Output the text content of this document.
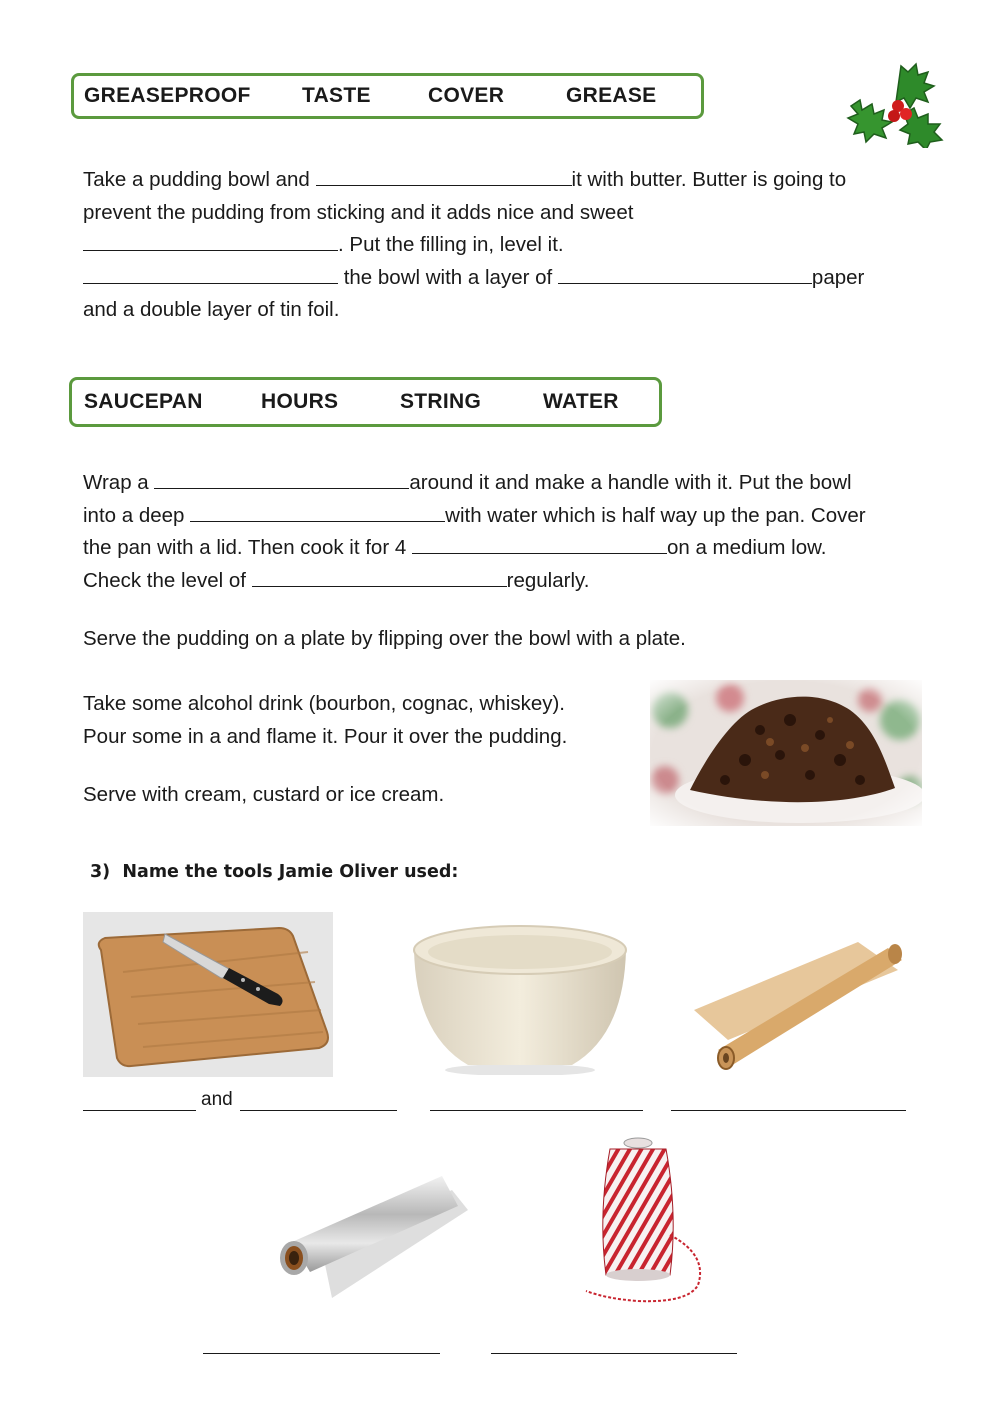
GREASEPROOF TASTE	COVER	GREASE
Take a pudding bowl and	it with butter. Butter is going to
prevent the pudding from sticking and it adds nice and sweet
. Put the filling in, level it.
the bowl with a layer of	paper
and a double layer of tin foil.
SAUCEPAN	HOURS	STRING	WATER
Wrap a	around it and make a handle with it. Put the bowl
into a deep	with water which is half way up the pan. Cover
the pan with a lid. Then cook it for 4	on a medium low.
Check the level of	regularly.
Serve the pudding on a plate by flipping over the bowl with a plate.
Take some alcohol drink (bourbon, cognac, whiskey).
Pour some in a and flame it. Pour it over the pudding.
Serve with cream, custard or ice cream.
3)  Name the tools Jamie Oliver used:
and
